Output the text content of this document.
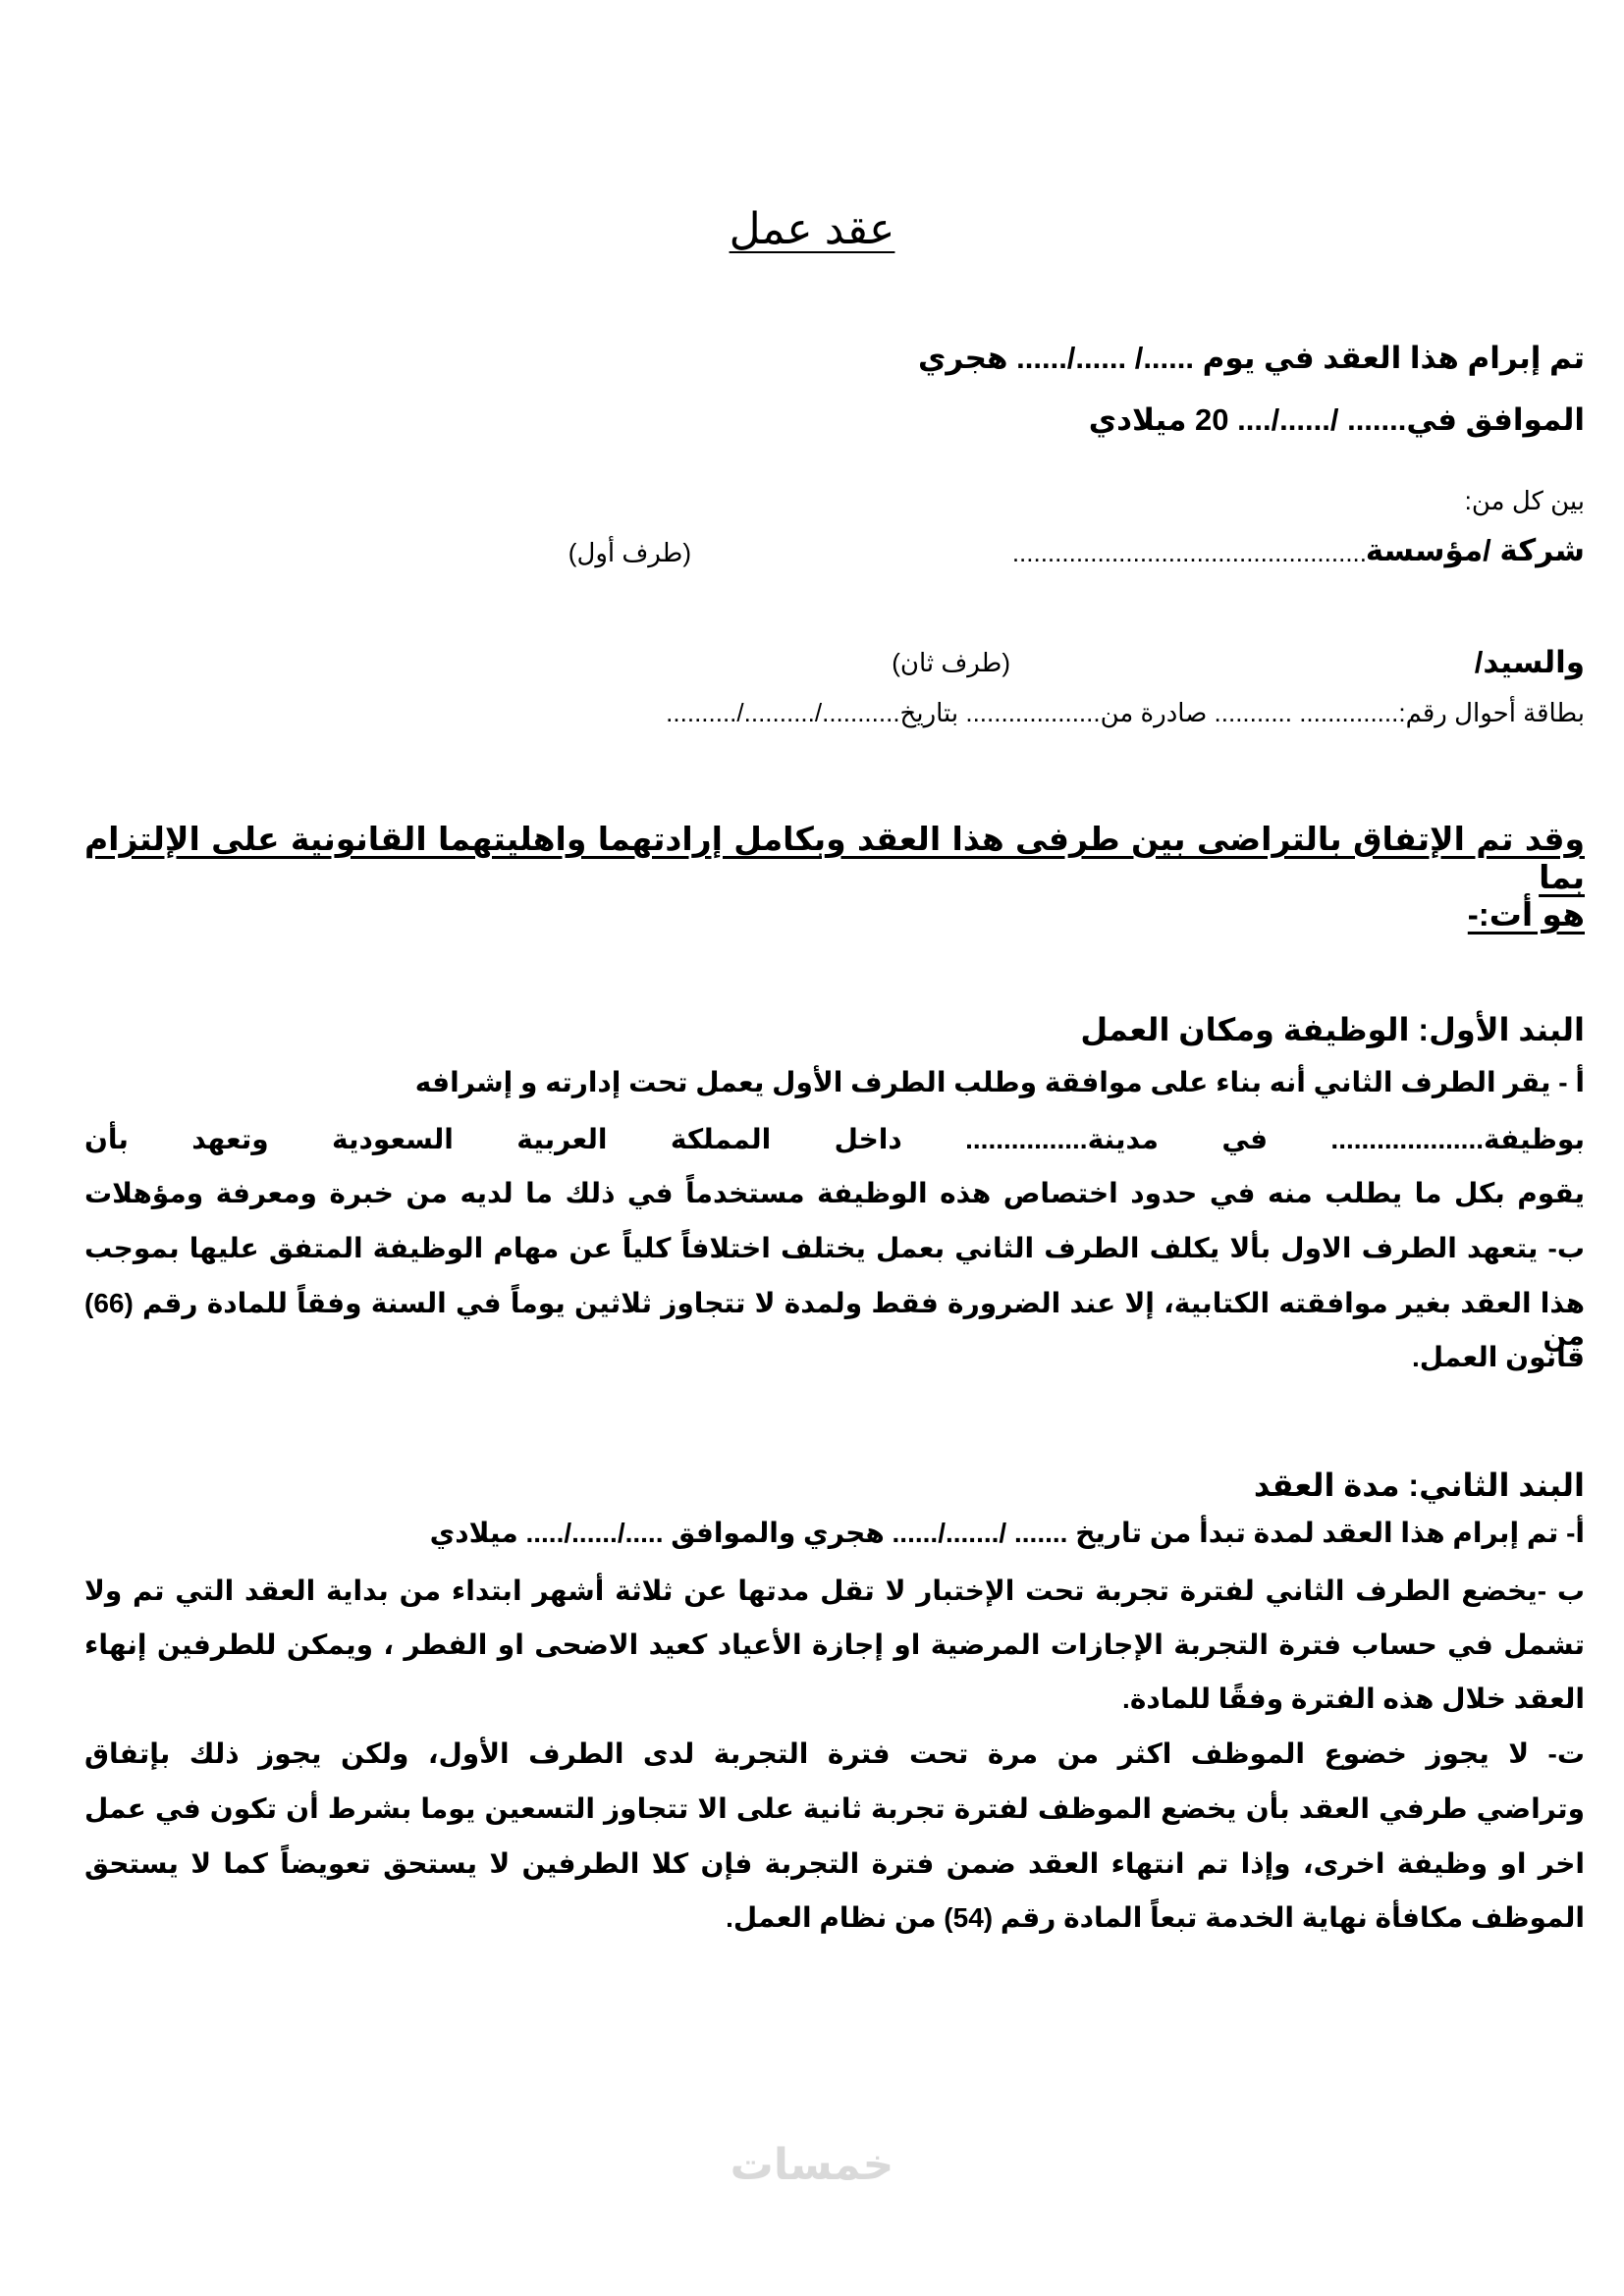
عقد عمل
تم إبرام هذا العقد في يوم ....../ ....../...... هجري
الموافق في....... /....../.... 20 ميلادي
بين كل من:
شركة /مؤسسة
..................................................
(طرف أول)
والسيد/
(طرف ثان)
بطاقة أحوال رقم:.............. ........... صادرة من................... بتاريخ.........../........../..........
وقد تم الإتفاق بالتراضى بين طرفى هذا العقد وبكامل إرادتهما واهليتهما القانونية على الإلتزام بما
هو أت:-
البند الأول: الوظيفة ومكان العمل
أ - يقر الطرف الثاني أنه بناء على موافقة وطلب الطرف الأول يعمل تحت إدارته و إشرافه
بوظيفة.................... في مدينة................ داخل المملكة العربية السعودية وتعهد بأن
يقوم بكل ما يطلب منه في حدود اختصاص هذه الوظيفة مستخدماً في ذلك ما لديه من خبرة ومعرفة ومؤهلات
ب- يتعهد الطرف الاول بألا يكلف الطرف الثاني بعمل يختلف اختلافاً كلياً عن مهام الوظيفة المتفق عليها بموجب
هذا العقد بغير موافقته الكتابية، إلا عند الضرورة فقط ولمدة لا تتجاوز ثلاثين يوماً في السنة وفقاً للمادة رقم (66) من
قانون العمل.
البند الثاني: مدة العقد
أ- تم إبرام هذا العقد لمدة تبدأ من تاريخ ....... /......./...... هجري والموافق ...../....../..... ميلادي
ب -يخضع الطرف الثاني لفترة تجربة تحت الإختبار لا تقل مدتها عن ثلاثة أشهر ابتداء من بداية العقد التي تم ولا
تشمل في حساب فترة التجربة الإجازات المرضية او إجازة الأعياد كعيد الاضحى او الفطر ، ويمكن للطرفين إنهاء
العقد خلال هذه الفترة وفقًا للمادة.
ت- لا يجوز خضوع الموظف اكثر من مرة تحت فترة التجربة لدى الطرف الأول، ولكن يجوز ذلك بإتفاق
وتراضي طرفي العقد بأن يخضع الموظف لفترة تجربة ثانية على الا تتجاوز التسعين يوما بشرط أن تكون في عمل
اخر او وظيفة اخرى، وإذا تم انتهاء العقد ضمن فترة التجربة فإن كلا الطرفين لا يستحق تعويضاً كما لا يستحق
الموظف مكافأة نهاية الخدمة تبعاً المادة رقم (54) من نظام العمل.
خمسات
